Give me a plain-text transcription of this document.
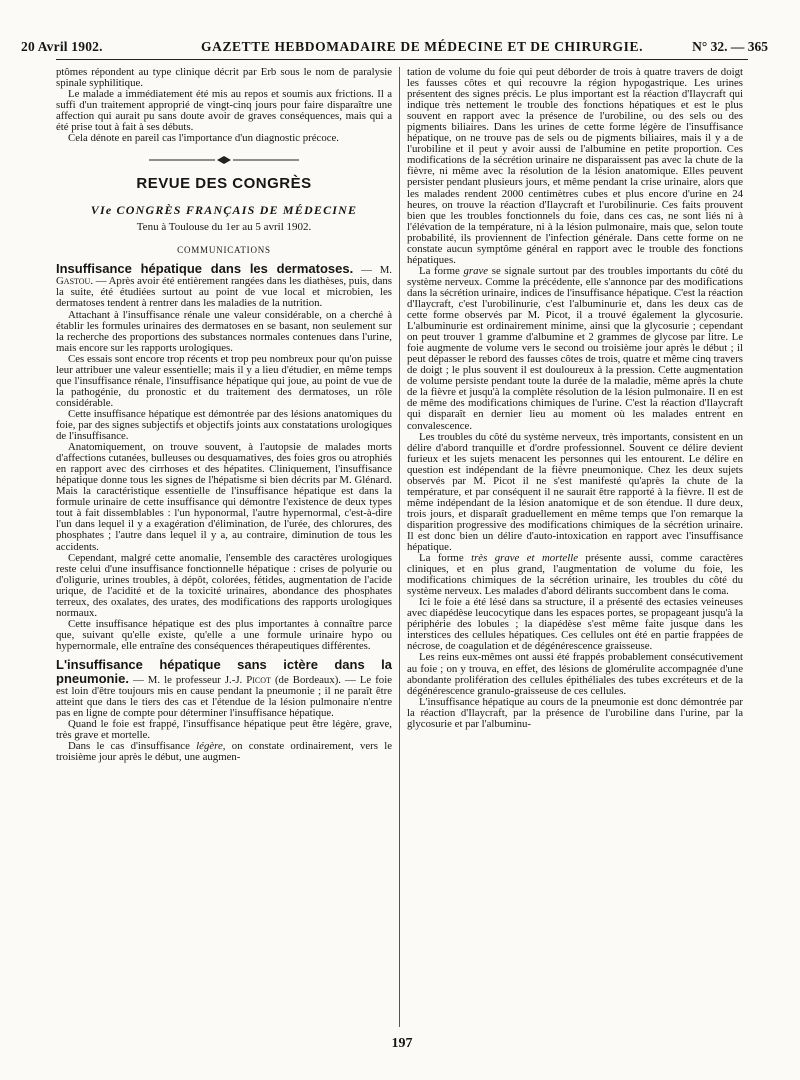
20 Avril 1902.	GAZETTE HEBDOMADAIRE DE MÉDECINE ET DE CHIRURGIE.	N° 32. — 365

ptômes répondent au type clinique décrit par Erb sous le nom de paralysie spinale syphilitique.

Le malade a immédiatement été mis au repos et soumis aux frictions. Il a suffi d'un traitement approprié de vingt-cinq jours pour faire disparaître une affection qui aurait pu sans doute avoir de graves conséquences, mais qui a été prise tout à fait à ses débuts.

Cela dénote en pareil cas l'importance d'un diagnostic précoce.

REVUE DES CONGRÈS
VIe CONGRÈS FRANÇAIS DE MÉDECINE
Tenu à Toulouse du 1er au 5 avril 1902.
COMMUNICATIONS

Insuffisance hépatique dans les dermatoses. — M. Gastou. — Après avoir été entièrement rangées dans les diathèses, puis, dans la suite, été étudiées surtout au point de vue local et microbien, les dermatoses tendent à rentrer dans les maladies de la nutrition.

Attachant à l'insuffisance rénale une valeur considérable, on a cherché à établir les formules urinaires des dermatoses en se basant, non seulement sur la recherche des proportions des substances normales contenues dans l'urine, mais encore sur les rapports urologiques.

Ces essais sont encore trop récents et trop peu nombreux pour qu'on puisse leur attribuer une valeur essentielle; mais il y a lieu d'étudier, en même temps que l'insuffisance rénale, l'insuffisance hépatique qui joue, au point de vue de la pathogénie, du pronostic et du traitement des dermatoses, un rôle considérable.

Cette insuffisance hépatique est démontrée par des lésions anatomiques du foie, par des signes subjectifs et objectifs joints aux constatations urologiques de l'insuffisance.

Anatomiquement, on trouve souvent, à l'autopsie de malades morts d'affections cutanées, bulleuses ou desquamatives, des foies gros ou atrophiés en rapport avec des cirrhoses et des hépatites. Cliniquement, l'insuffisance hépatique donne tous les signes de l'hépatisme si bien décrits par M. Glénard. Mais la caractéristique essentielle de l'insuffisance hépatique est dans la formule urinaire de cette insuffisance qui démontre l'existence de deux types tout à fait dissemblables : l'un hyponormal, l'autre hypernormal, c'est-à-dire l'un dans lequel il y a exagération d'élimination, de l'urée, des chlorures, des phosphates ; l'autre dans lequel il y a, au contraire, diminution de tous les accidents.

Cependant, malgré cette anomalie, l'ensemble des caractères urologiques reste celui d'une insuffisance fonctionnelle hépatique : crises de polyurie ou d'oligurie, urines troubles, à dépôt, colorées, fétides, augmentation de l'acide urique, de l'acidité et de la toxicité urinaires, abondance des phosphates terreux, des oxalates, des urates, des modifications des rapports urologiques normaux.

Cette insuffisance hépatique est des plus importantes à connaître parce que, suivant qu'elle existe, qu'elle a une formule urinaire hypo ou hypernormale, elle entraîne des conséquences thérapeutiques différentes.

L'insuffisance hépatique sans ictère dans la pneumonie. — M. le professeur J.-J. Picot (de Bordeaux). — Le foie est loin d'être toujours mis en cause pendant la pneumonie ; il ne paraît être atteint que dans le tiers des cas et l'étendue de la lésion pulmonaire n'entre pas en ligne de compte pour déterminer l'insuffisance hépatique.

Quand le foie est frappé, l'insuffisance hépatique peut être légère, grave, très grave et mortelle.

Dans le cas d'insuffisance légère, on constate ordinairement, vers le troisième jour après le début, une augmen-

tation de volume du foie qui peut déborder de trois à quatre travers de doigt les fausses côtes et qui recouvre la région hypogastrique. Les urines présentent des signes précis. Le plus important est la réaction d'Ilaycraft qui indique très nettement le trouble des fonctions hépatiques et est le plus souvent en rapport avec la présence de l'urobiline, ou des sels ou des pigments biliaires. Dans les urines de cette forme légère de l'insuffisance hépatique, on ne trouve pas de sels ou de pigments biliaires, mais il y a de l'urobiline et il peut y avoir aussi de l'albumine en petite proportion. Ces modifications de la sécrétion urinaire ne disparaissent pas avec la chute de la fièvre, ni même avec la résolution de la lésion anatomique. Elles peuvent persister pendant plusieurs jours, et même pendant la crise urinaire, alors que les malades rendent 2000 centimètres cubes et plus encore d'urine en 24 heures, on trouve la réaction d'Ilaycraft et l'urobilinurie. Ces faits prouvent bien que les troubles fonctionnels du foie, dans ces cas, ne sont liés ni à l'élévation de la température, ni à la lésion pulmonaire, mais que, selon toute probabilité, ils proviennent de l'infection générale. Dans cette forme on ne constate aucun symptôme général en rapport avec le trouble des fonctions hépatiques.

La forme grave se signale surtout par des troubles importants du côté du système nerveux. Comme la précédente, elle s'annonce par des modifications dans la sécrétion urinaire, indices de l'insuffisance hépatique. C'est la réaction d'Ilaycraft, c'est l'urobilinurie, c'est l'albuminurie et, dans les deux cas de cette forme observés par M. Picot, il a trouvé également la glycosurie. L'albuminurie est ordinairement minime, ainsi que la glycosurie ; cependant on peut trouver 1 gramme d'albumine et 2 grammes de glycose par litre. Le foie augmente de volume vers le second ou troisième jour après le début ; il peut dépasser le rebord des fausses côtes de trois, quatre et même cinq travers de doigt ; le plus souvent il est douloureux à la pression. Cette augmentation de volume persiste pendant toute la durée de la maladie, même après la chute de la fièvre et jusqu'à la complète résolution de la lésion pulmonaire. Il en est de même des modifications chimiques de l'urine. C'est la réaction d'Ilaycraft qui disparaît en dernier lieu au moment où les malades entrent en convalescence.

Les troubles du côté du système nerveux, très importants, consistent en un délire d'abord tranquille et d'ordre professionnel. Souvent ce délire devient furieux et les sujets menacent les personnes qui les entourent. Le délire en question est indépendant de la fièvre pneumonique. Chez les deux sujets observés par M. Picot il ne s'est manifesté qu'après la chute de la température, et par conséquent il ne saurait être rapporté à la fièvre. Il est de même indépendant de la lésion anatomique et de son étendue. Il dure deux, trois jours, et disparaît graduellement en même temps que l'on remarque la disparition progressive des modifications chimiques de la sécrétion urinaire. Il est donc bien un délire d'auto-intoxication en rapport avec l'insuffisance hépatique.

La forme très grave et mortelle présente aussi, comme caractères cliniques, et en plus grand, l'augmentation de volume du foie, les modifications chimiques de la sécrétion urinaire, les troubles du côté du système nerveux. Les malades d'abord délirants succombent dans le coma.

Ici le foie a été lésé dans sa structure, il a présenté des ectasies veineuses avec diapédèse leucocytique dans les espaces portes, se propageant jusqu'à la périphérie des lobules ; la diapédèse s'est même faite jusque dans les interstices des cellules hépatiques. Ces cellules ont été en partie frappées de nécrose, de coagulation et de dégénérescence graisseuse.

Les reins eux-mêmes ont aussi été frappés probablement consécutivement au foie ; on y trouva, en effet, des lésions de glomérulite accompagnée d'une abondante prolifération des cellules épithéliales des tubes excréteurs et de la dégénérescence granulo-graisseuse de ces cellules.

L'insuffisance hépatique au cours de la pneumonie est donc démontrée par la réaction d'Ilaycraft, par la présence de l'urobiline dans l'urine, par la glycosurie et par l'albuminu-

197
